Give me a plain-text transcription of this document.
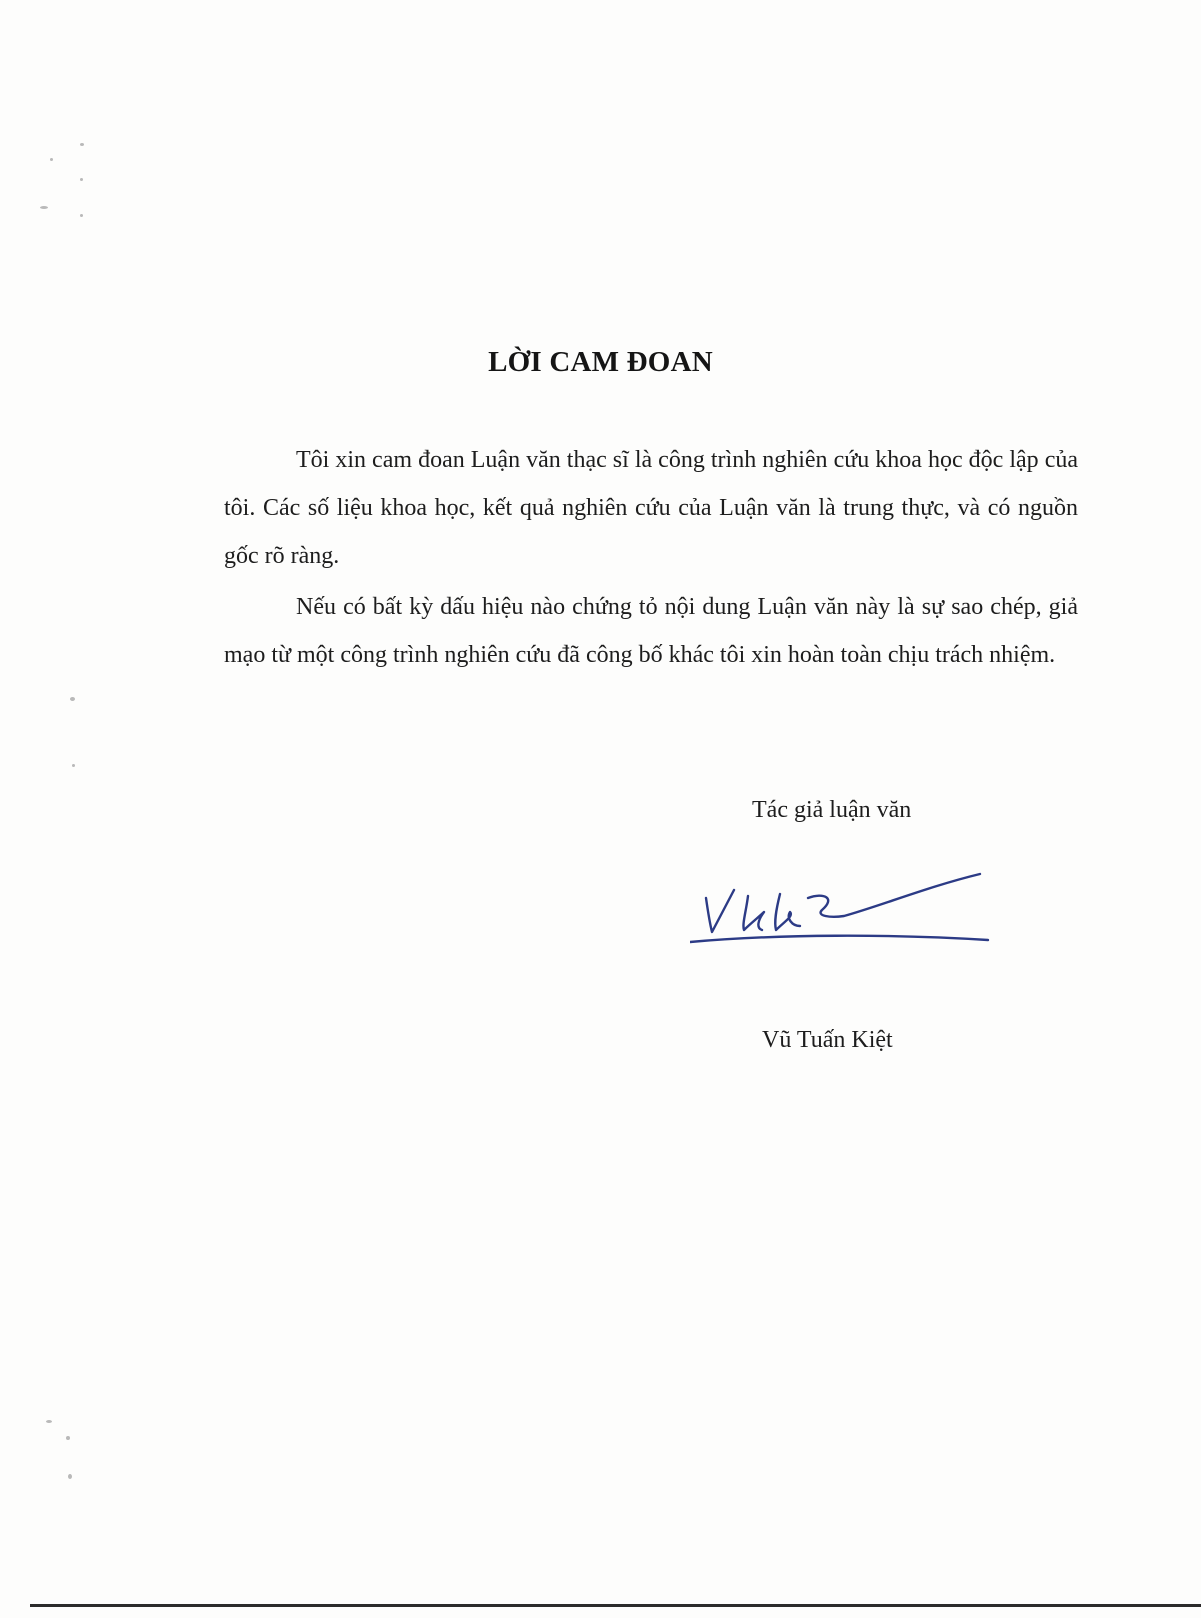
LỜI CAM ĐOAN

Tôi xin cam đoan Luận văn thạc sĩ là công trình nghiên cứu khoa học độc lập của tôi. Các số liệu khoa học, kết quả nghiên cứu của Luận văn là trung thực, và có nguồn gốc rõ ràng.

Nếu có bất kỳ dấu hiệu nào chứng tỏ nội dung Luận văn này là sự sao chép, giả mạo từ một công trình nghiên cứu đã công bố khác tôi xin hoàn toàn chịu trách nhiệm.

Tác giả luận văn

Vũ Tuấn Kiệt
